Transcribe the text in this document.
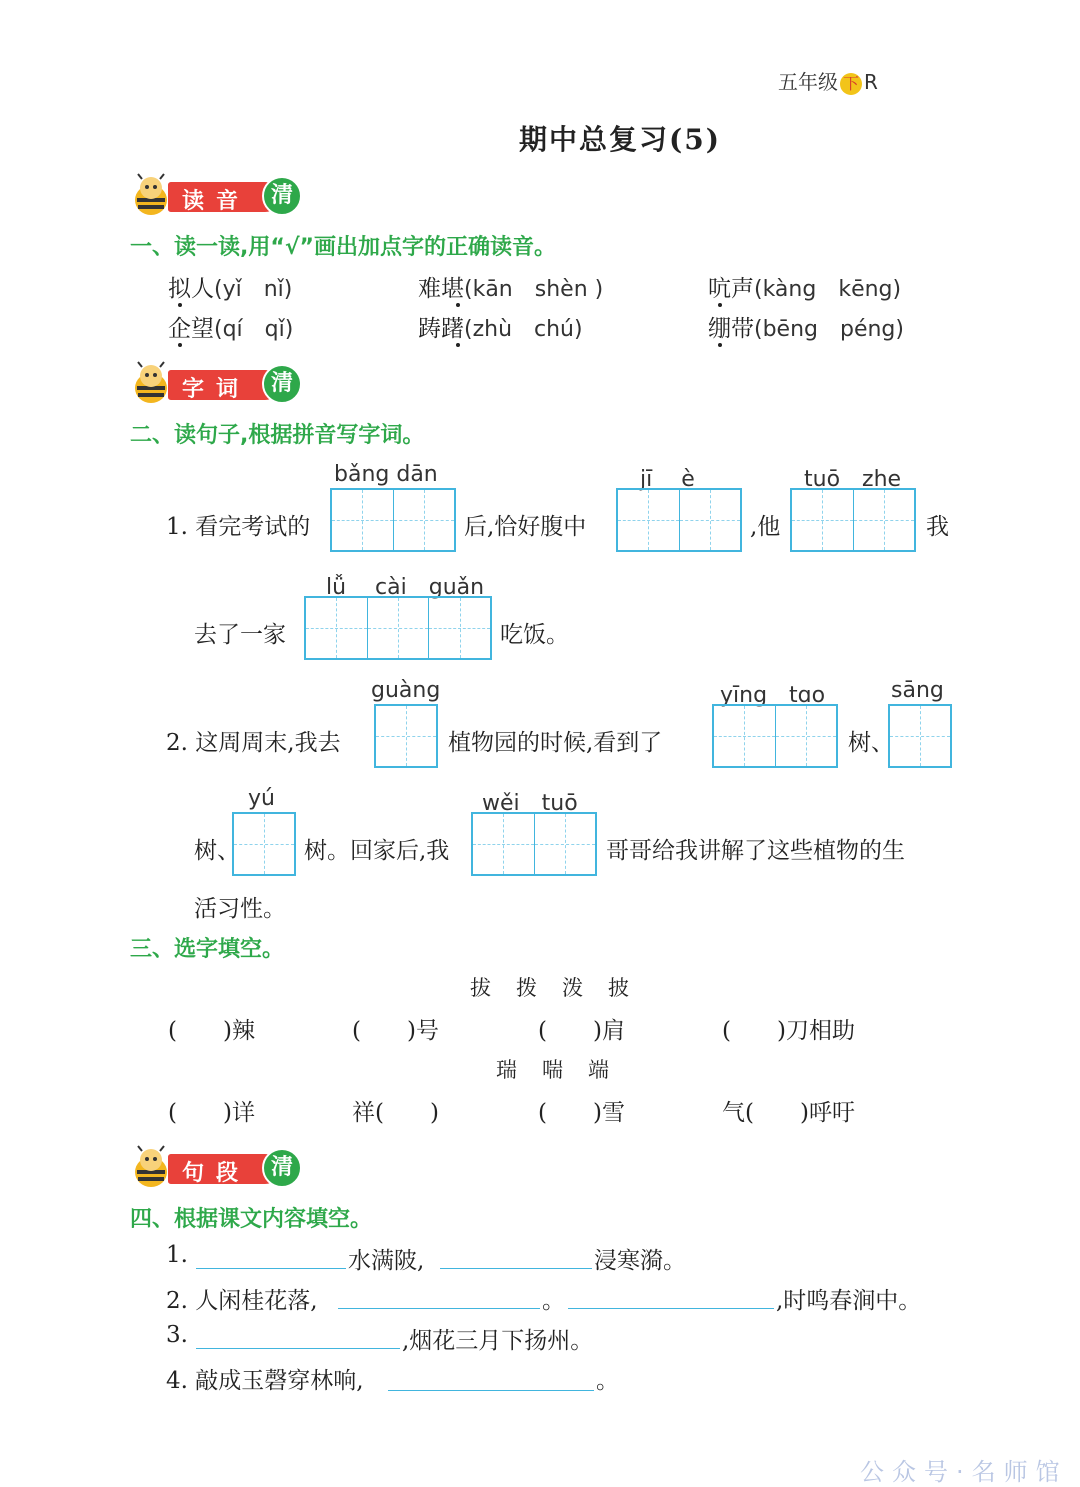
五年级 下 R
期中总复习(5)
读音 清
一、读一读,用“√”画出加点字的正确读音。
拟人(yǐ　nǐ)	难堪(kān　shèn )	吭声(kàng　kēng)
企望(qí　qǐ)	踌躇(zhù　chú)	绷带(bēng　péng)
字词 清
二、读句子,根据拼音写字词。
bǎng dān	jī　 è	tuō　zhe
1. 看完考试的	后,恰好腹中	,他	我
lǚ　 cài　guǎn
去了一家	吃饭。
guàng	yīng　tɑo	sāng
2. 这周周末,我去	植物园的时候,看到了	树、
yú	wěi　tuō
树、	树。回家后,我	哥哥给我讲解了这些植物的生
活习性。
三、选字填空。
拔　拨　泼　披
(　　)辣	(　　)号	(　　)肩	(　　)刀相助
瑞　喘　端
(　　)详	祥(　　)	(　　)雪	气(　　)呼吁
句段 清
四、根据课文内容填空。
1.	水满陂,	浸寒漪。
2. 人闲桂花落,	。	,时鸣春涧中。
3.	,烟花三月下扬州。
4. 敲成玉磬穿林响,	。
公众号·名师馆
